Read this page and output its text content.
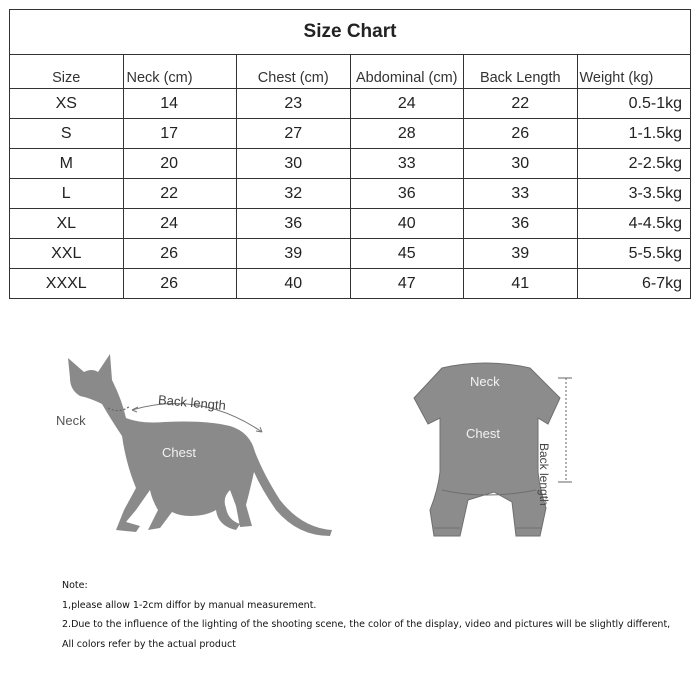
Size Chart					
Size	Neck (cm)	Chest (cm)	Abdominal (cm)	Back Length	Weight (kg)
XS	14	23	24	22	0.5-1kg
S	17	27	28	26	1-1.5kg
M	20	30	33	30	2-2.5kg
L	22	32	36	33	3-3.5kg
XL	24	36	40	36	4-4.5kg
XXL	26	39	45	39	5-5.5kg
XXXL	26	40	47	41	6-7kg
Neck
Back length
Chest
Neck
Chest
Back length
Note:
1,please allow 1-2cm diffor by manual measurement.
2.Due to the influence of the lighting of the shooting scene, the color of the display, video and pictures will be slightly different,
All colors refer by the actual product
